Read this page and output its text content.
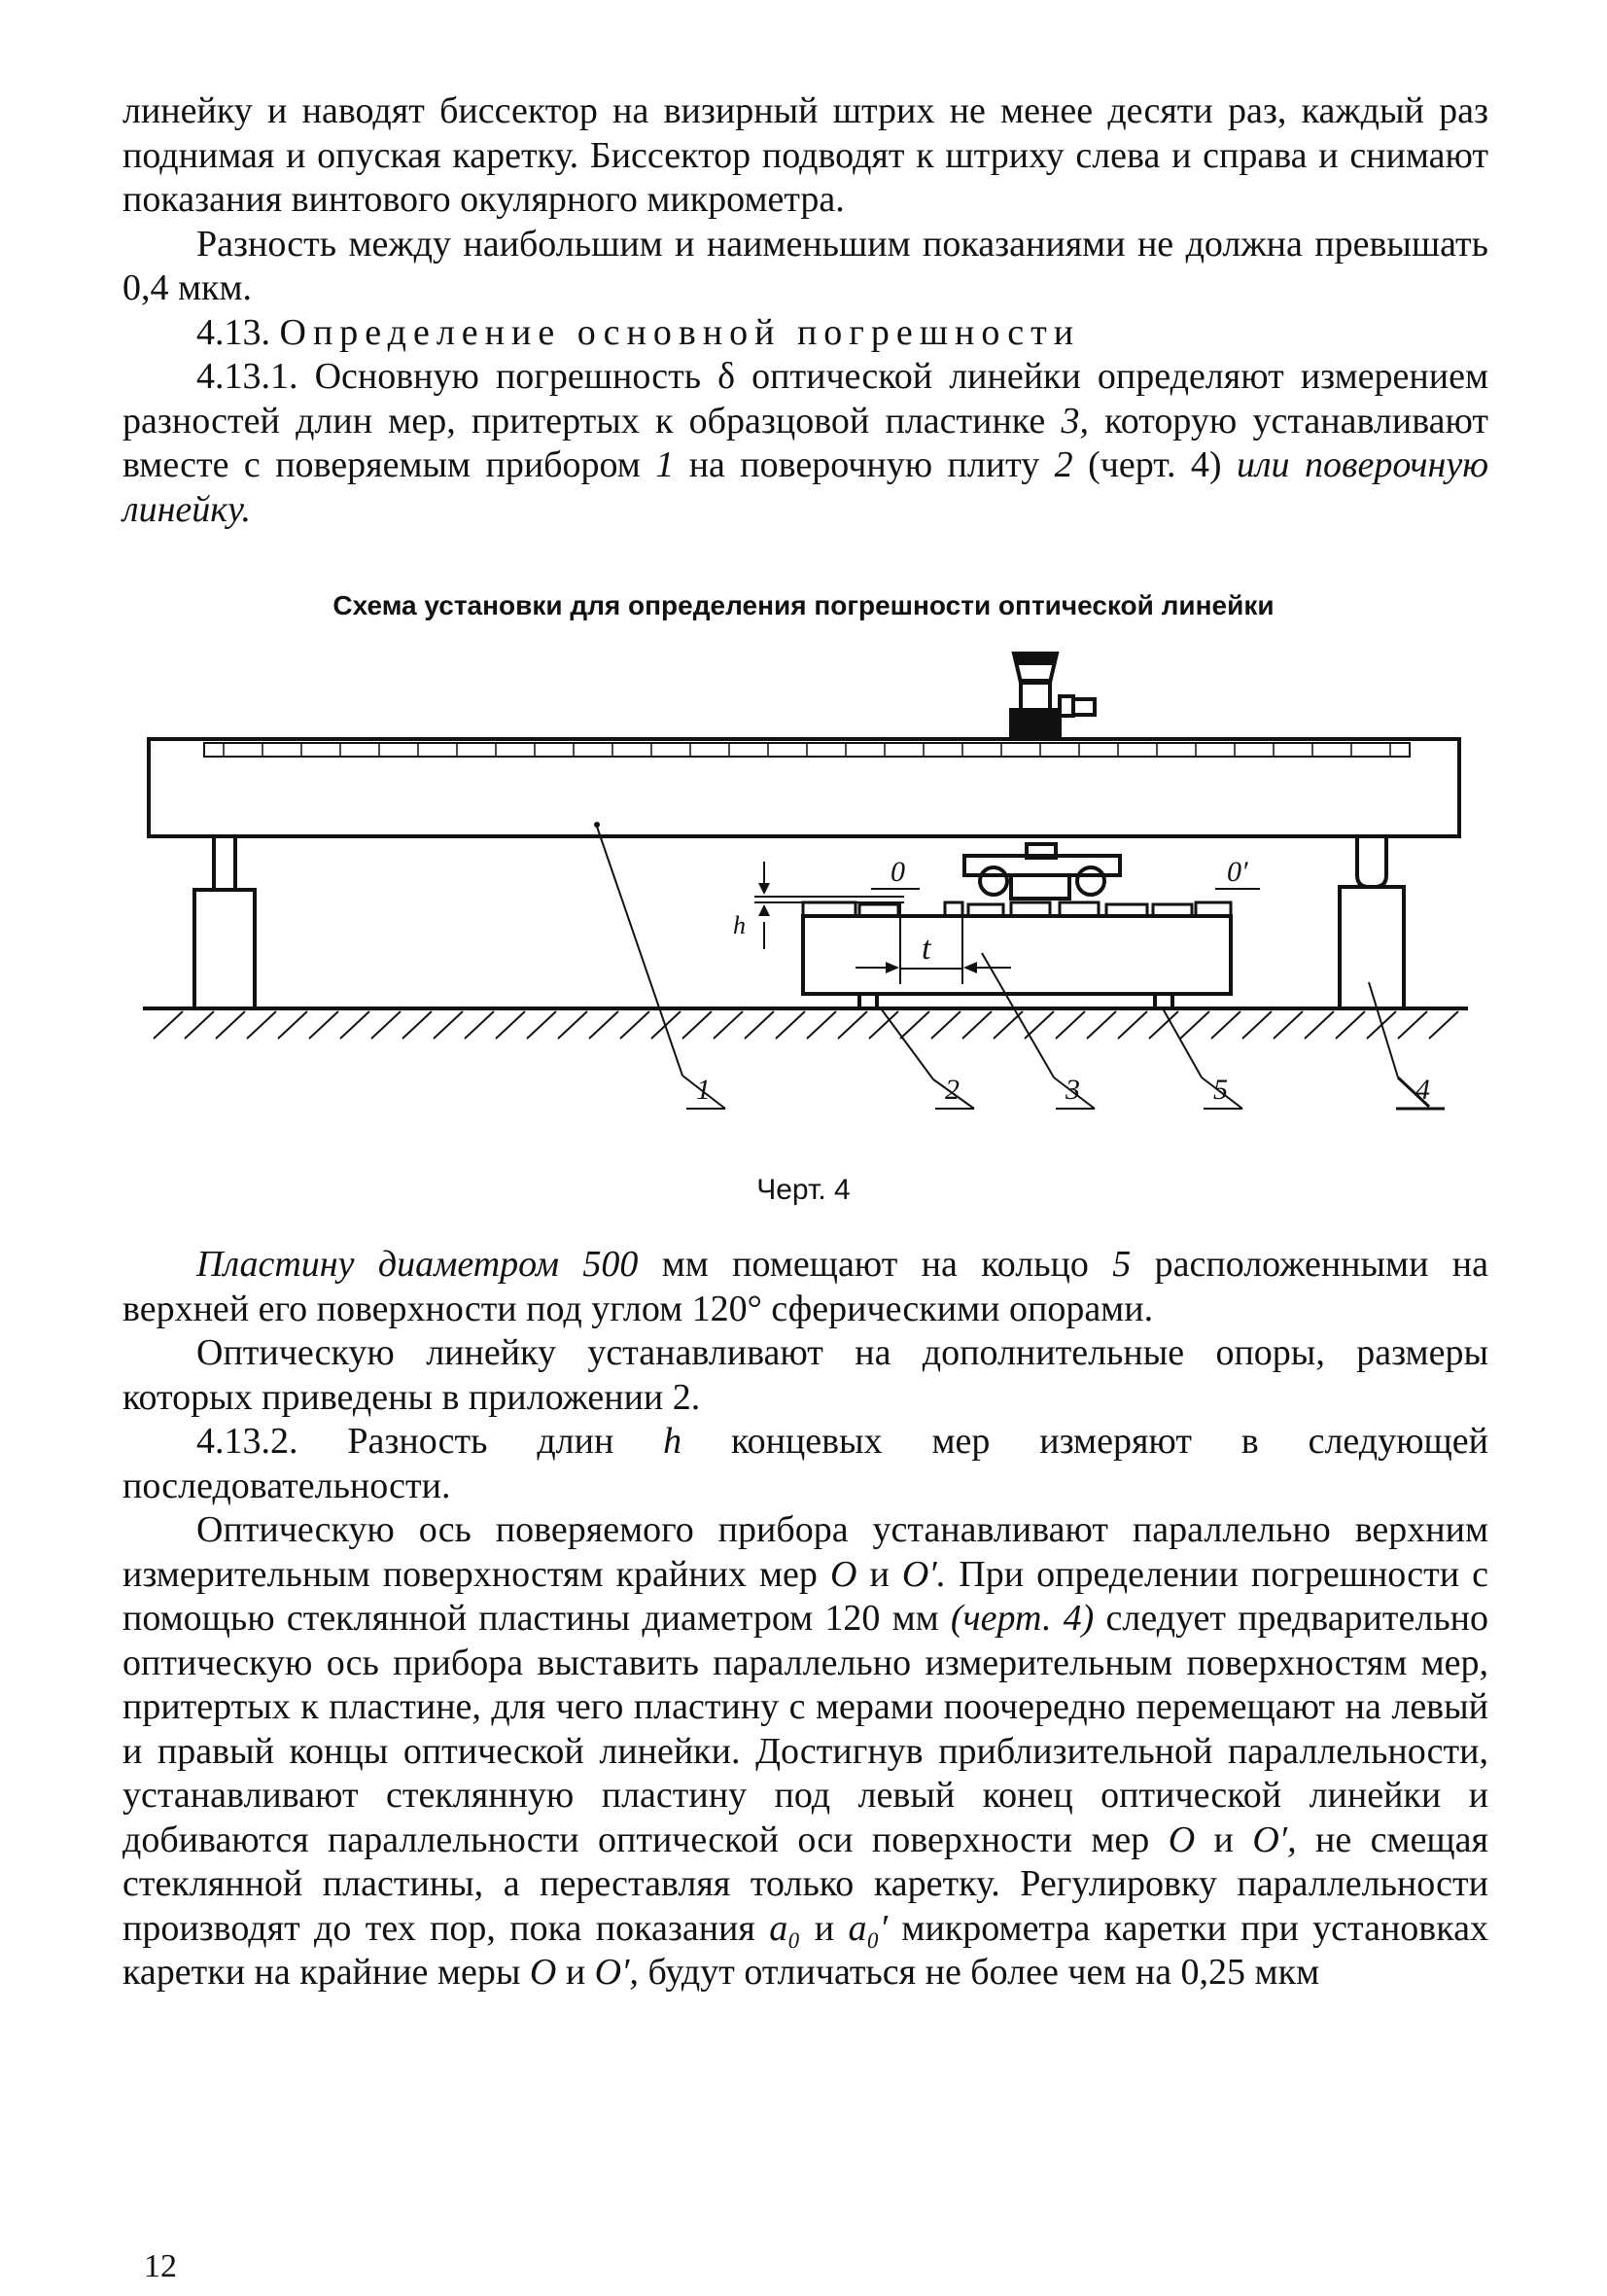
линейку и наводят биссектор на визирный штрих не менее десяти раз, каждый раз поднимая и опуская каретку. Биссектор подводят к штриху слева и справа и снимают показания винтового окулярного микрометра.

Разность между наибольшим и наименьшим показаниями не должна превышать 0,4 мкм.

4.13. Определение основной погрешности

4.13.1. Основную погрешность δ оптической линейки определяют измерением разностей длин мер, притертых к образцовой пластинке 3, которую устанавливают вместе с поверяемым прибором 1 на поверочную плиту 2 (черт. 4) или поверочную линейку.

Схема установки для определения погрешности оптической линейки
0	0′
h
t
1	2	3	5	4
Черт. 4

Пластину диаметром 500 мм помещают на кольцо 5 расположенными на верхней его поверхности под углом 120° сферическими опорами.

Оптическую линейку устанавливают на дополнительные опоры, размеры которых приведены в приложении 2.

4.13.2. Разность длин h концевых мер измеряют в следующей последовательности.

Оптическую ось поверяемого прибора устанавливают параллельно верхним измерительным поверхностям крайних мер O и O′. При определении погрешности с помощью стеклянной пластины диаметром 120 мм (черт. 4) следует предварительно оптическую ось прибора выставить параллельно измерительным поверхностям мер, притертых к пластине, для чего пластину с мерами поочередно перемещают на левый и правый концы оптической линейки. Достигнув приблизительной параллельности, устанавливают стеклянную пластину под левый конец оптической линейки и добиваются параллельности оптической оси поверхности мер O и O′, не смещая стеклянной пластины, а переставляя только каретку. Регулировку параллельности производят до тех пор, пока показания a₀ и a₀′ микрометра каретки при установках каретки на крайние меры O и O′, будут отличаться не более чем на 0,25 мкм

12
